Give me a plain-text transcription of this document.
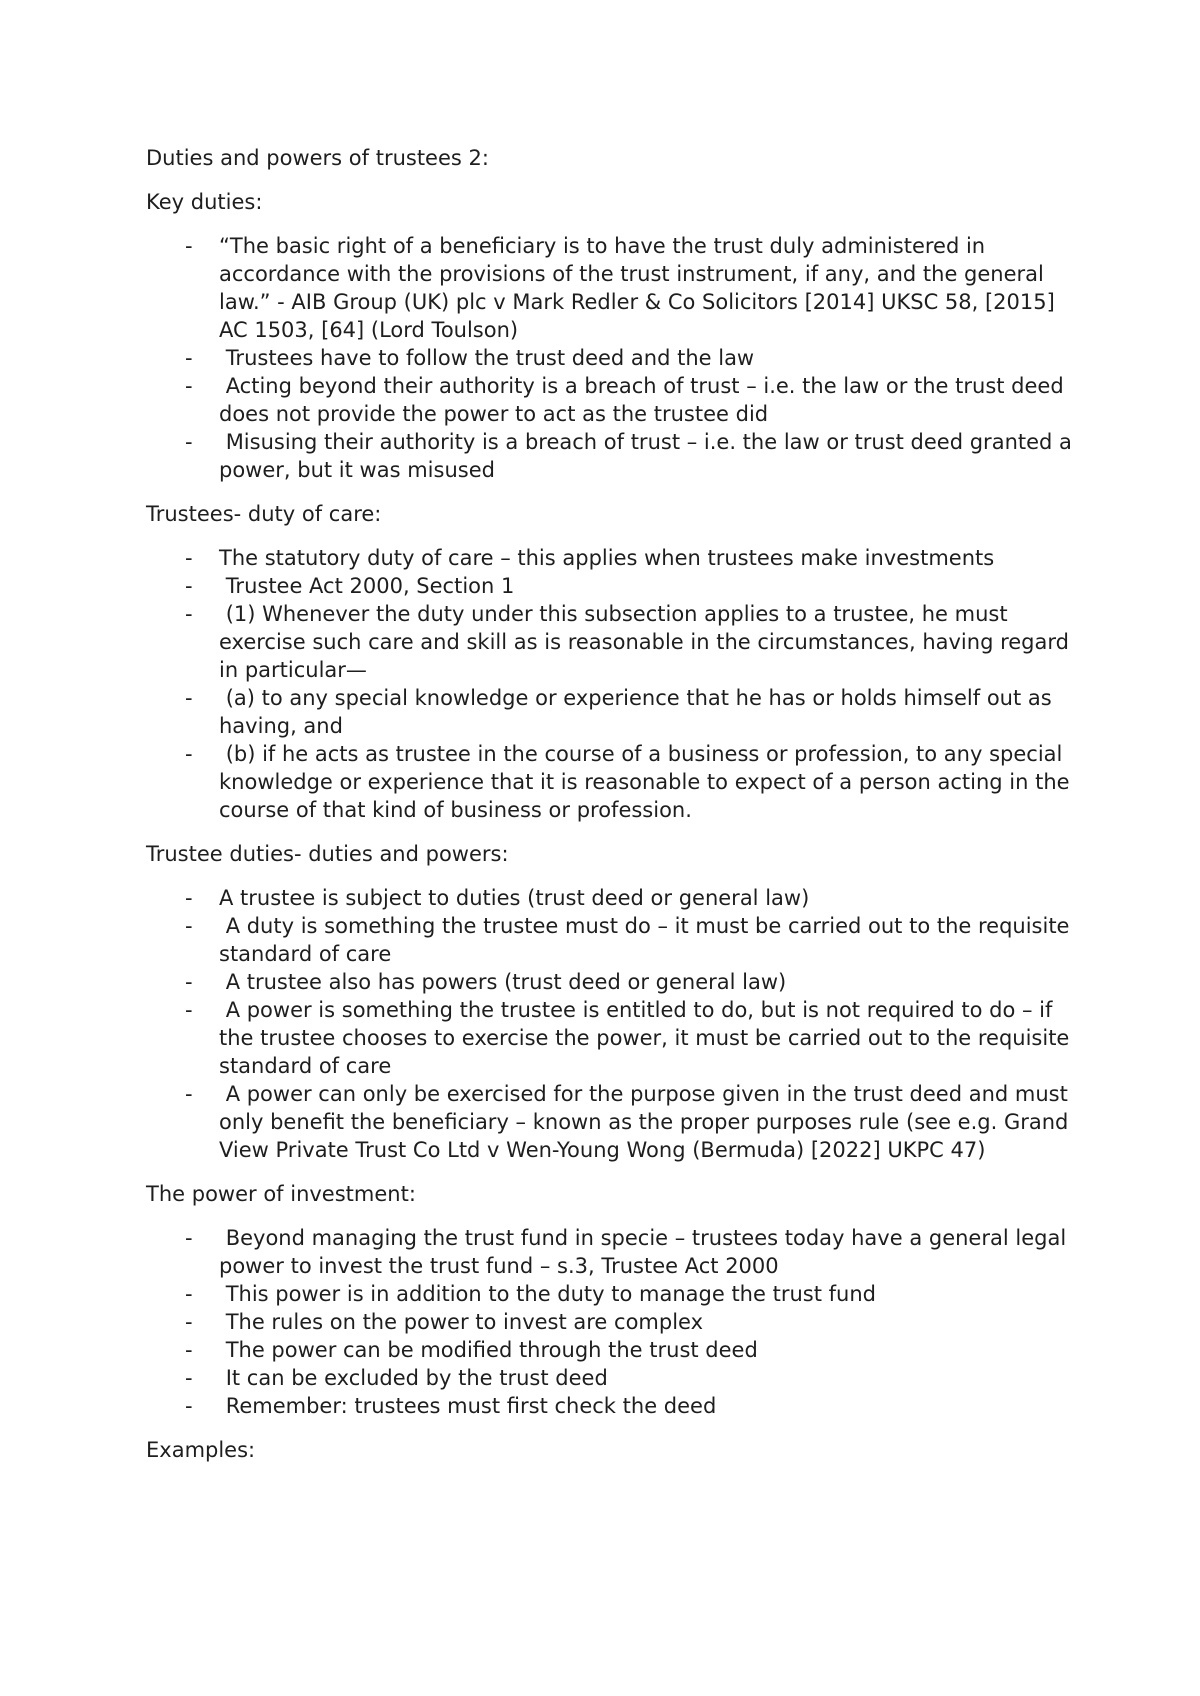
Duties and powers of trustees 2:

Key duties:

- “The basic right of a beneficiary is to have the trust duly administered in accordance with the provisions of the trust instrument, if any, and the general law.” - AIB Group (UK) plc v Mark Redler & Co Solicitors [2014] UKSC 58, [2015] AC 1503, [64] (Lord Toulson)
- Trustees have to follow the trust deed and the law
- Acting beyond their authority is a breach of trust – i.e. the law or the trust deed does not provide the power to act as the trustee did
- Misusing their authority is a breach of trust – i.e. the law or trust deed granted a power, but it was misused

Trustees- duty of care:

- The statutory duty of care – this applies when trustees make investments
- Trustee Act 2000, Section 1
- (1) Whenever the duty under this subsection applies to a trustee, he must exercise such care and skill as is reasonable in the circumstances, having regard in particular—
- (a) to any special knowledge or experience that he has or holds himself out as having, and
- (b) if he acts as trustee in the course of a business or profession, to any special knowledge or experience that it is reasonable to expect of a person acting in the course of that kind of business or profession.

Trustee duties- duties and powers:

- A trustee is subject to duties (trust deed or general law)
- A duty is something the trustee must do – it must be carried out to the requisite standard of care
- A trustee also has powers (trust deed or general law)
- A power is something the trustee is entitled to do, but is not required to do – if the trustee chooses to exercise the power, it must be carried out to the requisite standard of care
- A power can only be exercised for the purpose given in the trust deed and must only benefit the beneficiary – known as the proper purposes rule (see e.g. Grand View Private Trust Co Ltd v Wen-Young Wong (Bermuda) [2022] UKPC 47)

The power of investment:

- Beyond managing the trust fund in specie – trustees today have a general legal power to invest the trust fund – s.3, Trustee Act 2000
- This power is in addition to the duty to manage the trust fund
- The rules on the power to invest are complex
- The power can be modified through the trust deed
- It can be excluded by the trust deed
- Remember: trustees must first check the deed

Examples:
